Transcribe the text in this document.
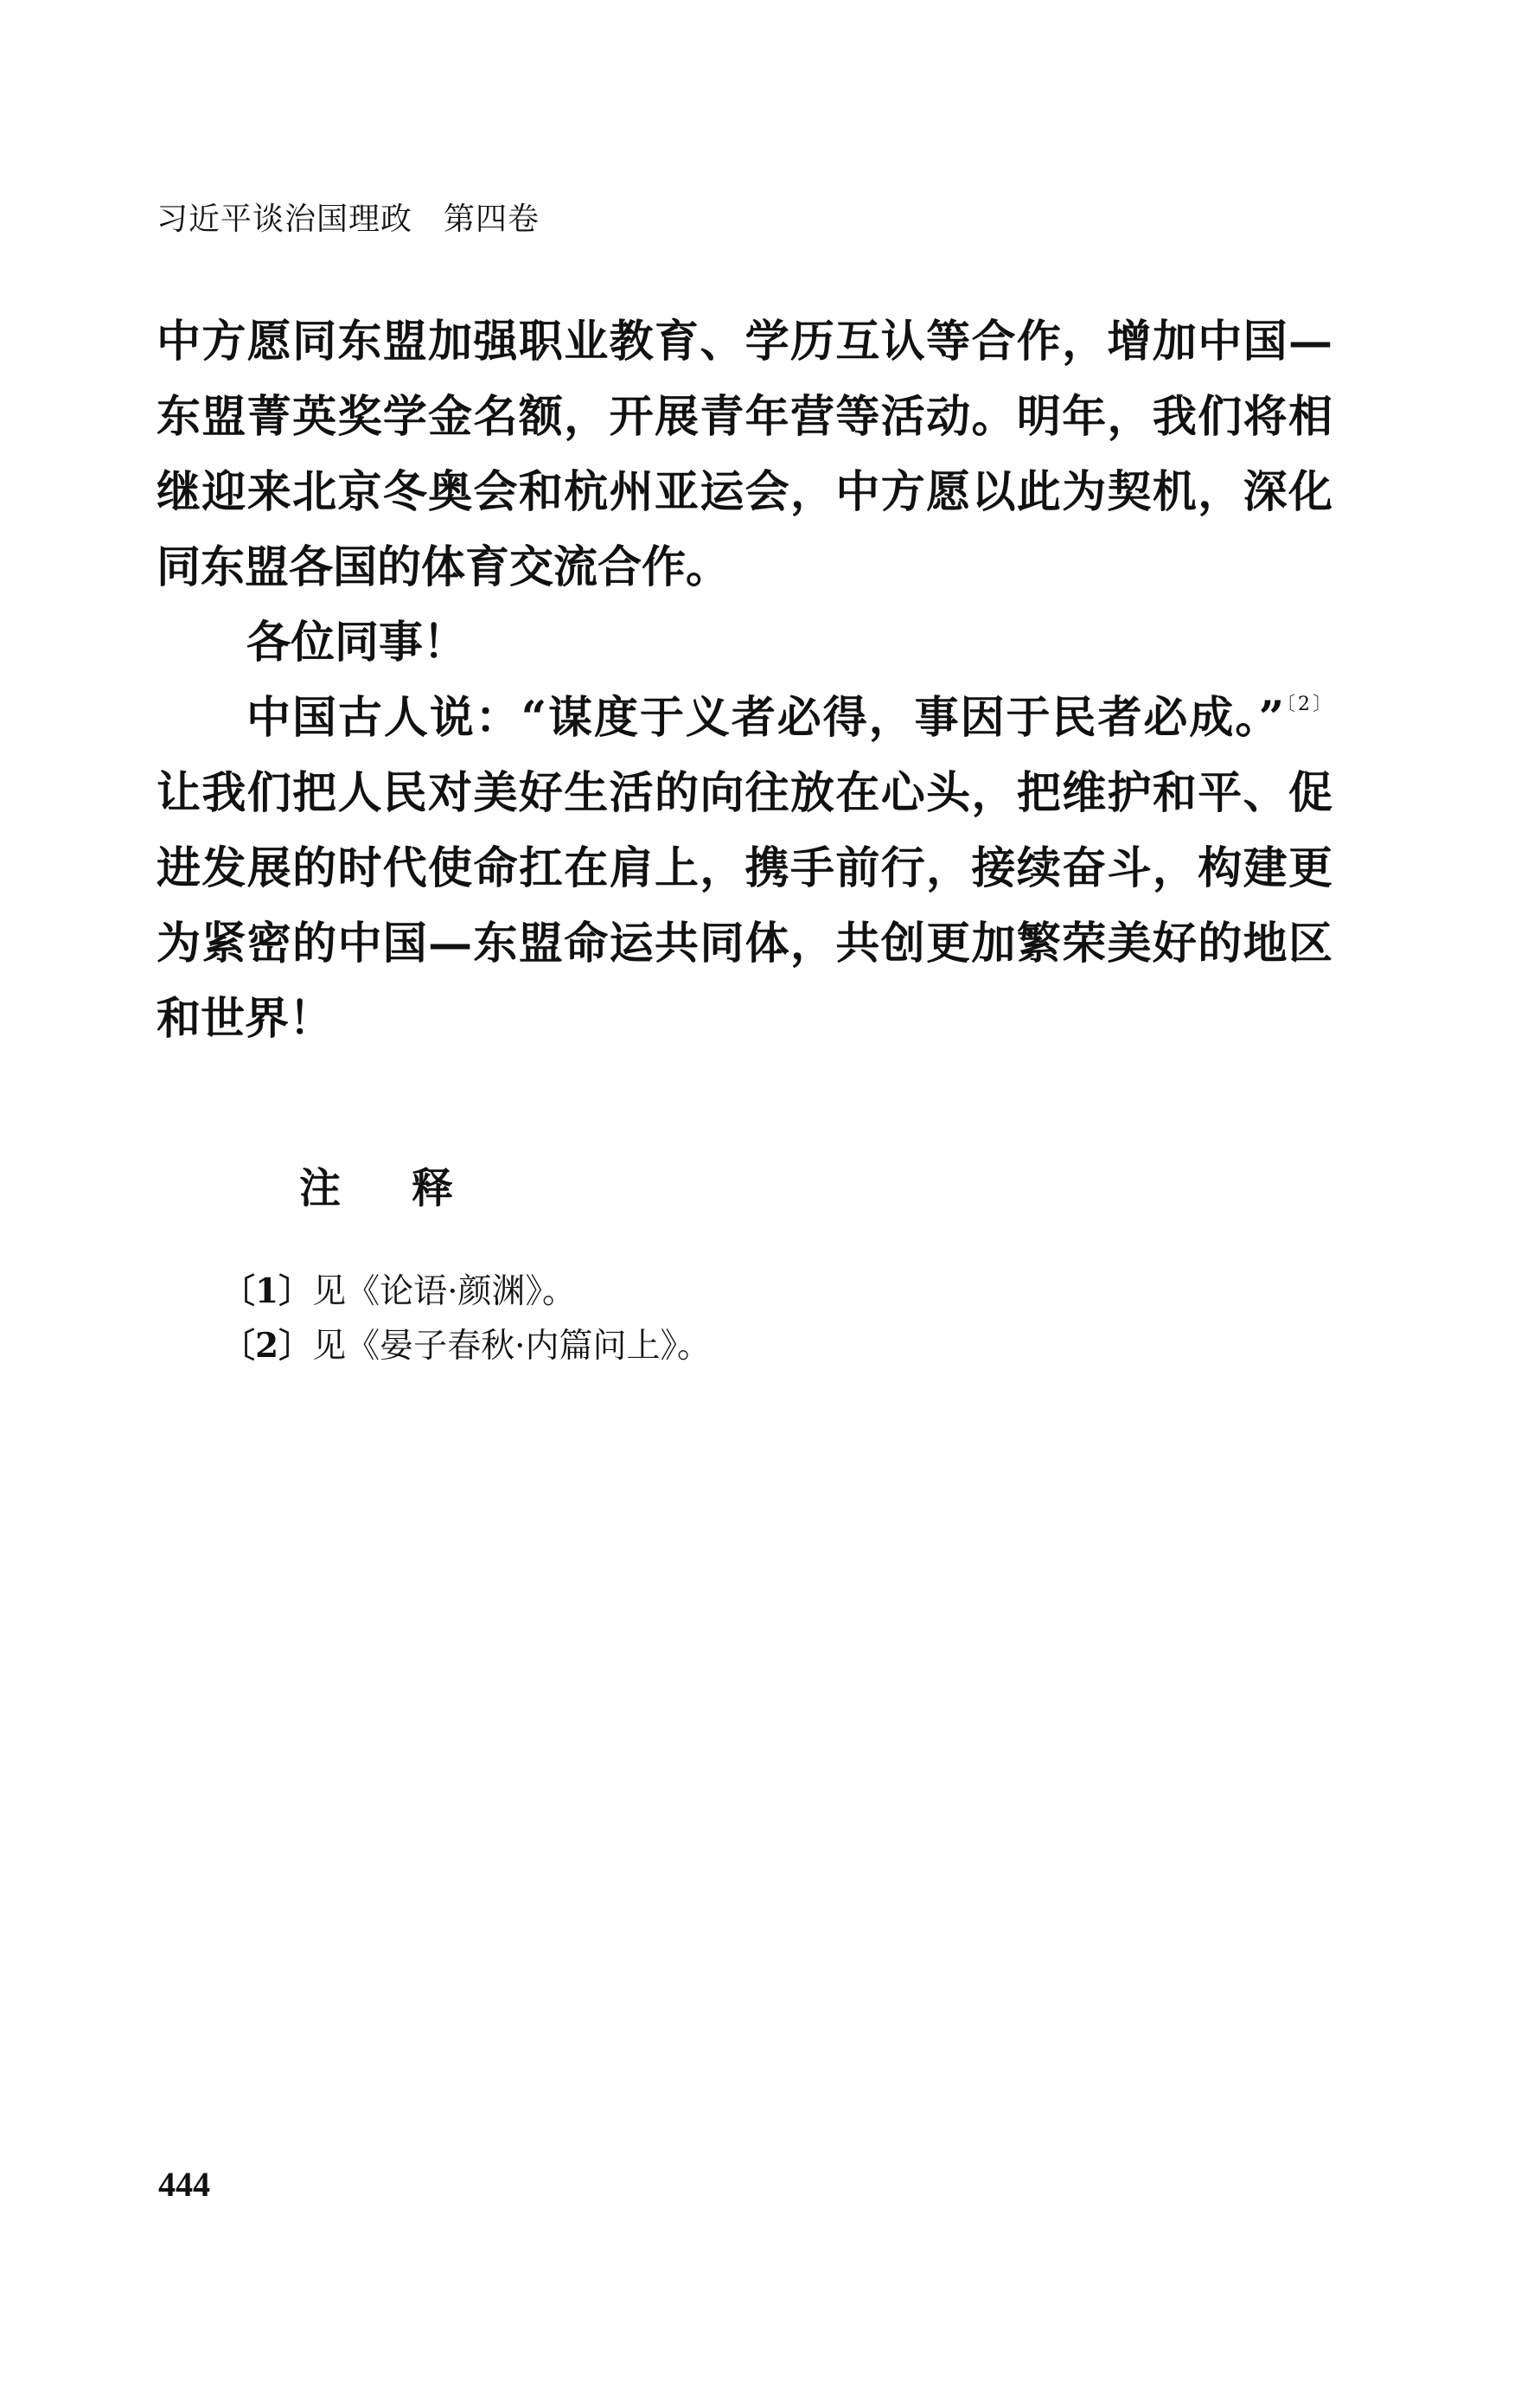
习近平谈治国理政 第四卷

中方愿同东盟加强职业教育、学历互认等合作，增加中国—东盟菁英奖学金名额，开展青年营等活动。明年，我们将相继迎来北京冬奥会和杭州亚运会，中方愿以此为契机，深化同东盟各国的体育交流合作。

各位同事！

中国古人说：“谋度于义者必得，事因于民者必成。”$^{〔2〕}$让我们把人民对美好生活的向往放在心头，把维护和平、促进发展的时代使命扛在肩上，携手前行，接续奋斗，构建更为紧密的中国—东盟命运共同体，共创更加繁荣美好的地区和世界！

注 释
〔1〕见《论语·颜渊》。
〔2〕见《晏子春秋·内篇问上》。
444
